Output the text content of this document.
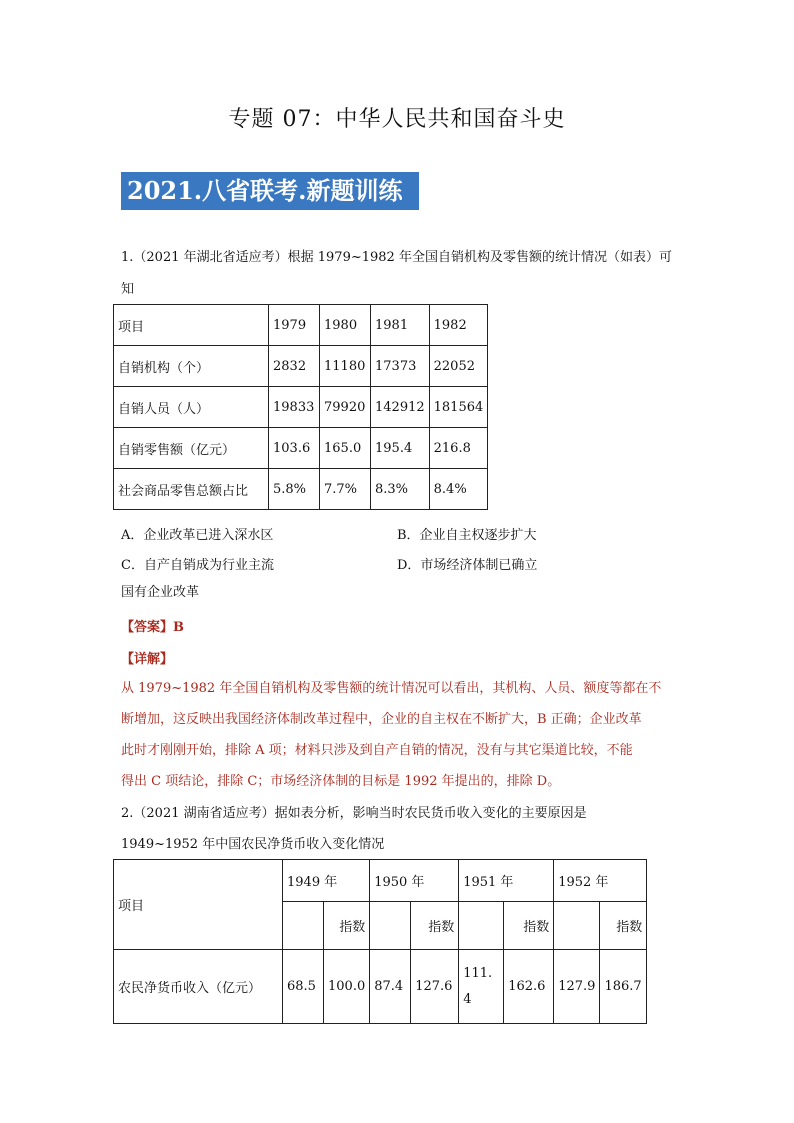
专题 07：中华人民共和国奋斗史
2021.八省联考.新题训练
1.（2021 年湖北省适应考）根据 1979~1982 年全国自销机构及零售额的统计情况（如表）可
知
项目	1979	1980	1981	1982
自销机构（个）	2832	11180	17373	22052
自销人员（人）	19833	79920	142912	181564
自销零售额（亿元）	103.6	165.0	195.4	216.8
社会商品零售总额占比	5.8%	7.7%	8.3%	8.4%
A．企业改革已进入深水区	B．企业自主权逐步扩大
C．自产自销成为行业主流	D．市场经济体制已确立
国有企业改革
【答案】B
【详解】
从 1979~1982 年全国自销机构及零售额的统计情况可以看出，其机构、人员、额度等都在不
断增加，这反映出我国经济体制改革过程中，企业的自主权在不断扩大，B 正确；企业改革
此时才刚刚开始，排除 A 项；材料只涉及到自产自销的情况，没有与其它渠道比较，不能
得出 C 项结论，排除 C；市场经济体制的目标是 1992 年提出的，排除 D。
2.（2021 湖南省适应考）据如表分析，影响当时农民货币收入变化的主要原因是
1949~1952 年中国农民净货币收入变化情况
项目	1949 年		1950 年		1951 年		1952 年	
		指数		指数		指数		指数
农民净货币收入（亿元）	68.5	100.0	87.4	127.6	111.4	162.6	127.9	186.7
